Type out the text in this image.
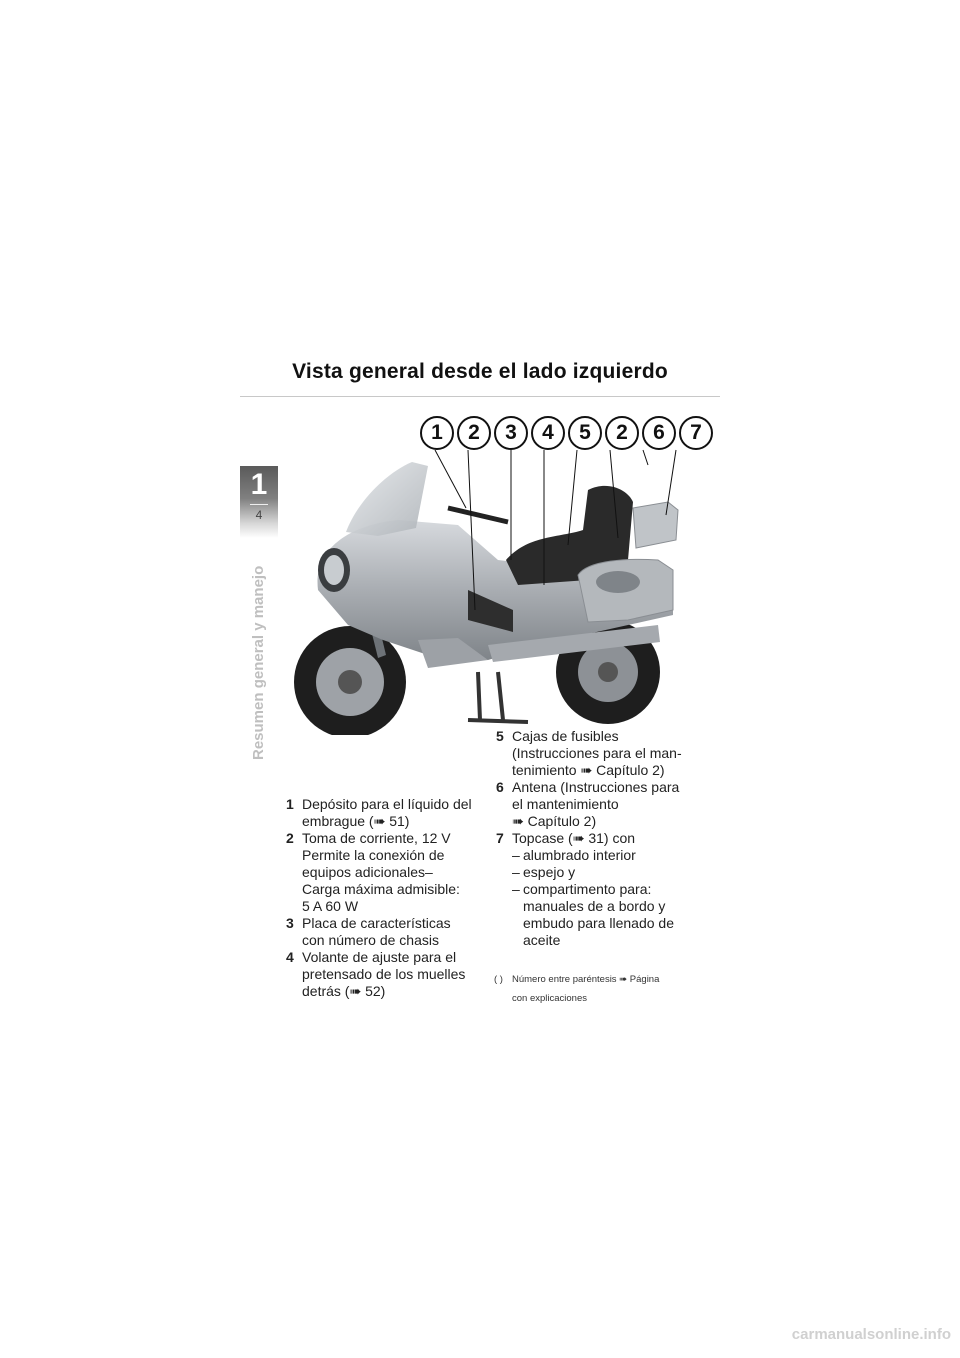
Vista general desde el lado izquierdo
1
4
Resumen general y manejo
1	2	3	4	5	2	6	7
1 Depósito para el líquido del
embrague (➠ 51)
2 Toma de corriente, 12 V
Permite la conexión de
equipos adicionales–
Carga máxima admisible:
5 A 60 W
3 Placa de características
con número de chasis
4 Volante de ajuste para el
pretensado de los muelles
detrás (➠ 52)
5 Cajas de fusibles
(Instrucciones para el man-
tenimiento ➠ Capítulo 2)
6 Antena (Instrucciones para
el mantenimiento
➠ Capítulo 2)
7 Topcase (➠ 31) con
– alumbrado interior
– espejo y
– compartimento para:
manuales de a bordo y
embudo para llenado de
aceite
( ) Número entre paréntesis ➠ Página
con explicaciones
carmanualsonline.info
